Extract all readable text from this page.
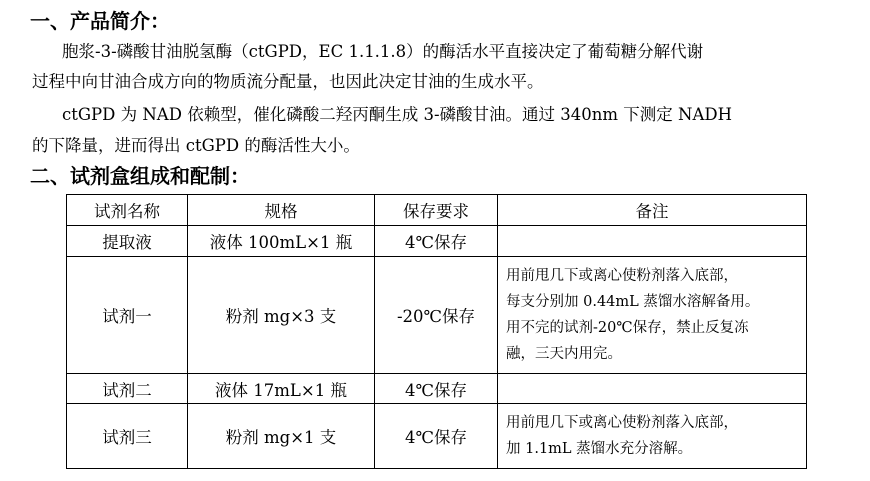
一、产品简介：
胞浆-3-磷酸甘油脱氢酶（ctGPD，EC 1.1.1.8）的酶活水平直接决定了葡萄糖分解代谢
过程中向甘油合成方向的物质流分配量，也因此决定甘油的生成水平。
ctGPD 为 NAD 依赖型，催化磷酸二羟丙酮生成 3-磷酸甘油。通过 340nm 下测定 NADH
的下降量，进而得出 ctGPD 的酶活性大小。
二、试剂盒组成和配制：
试剂名称	规格	保存要求	备注
提取液	液体 100mL×1 瓶	4℃保存	
试剂一	粉剂 mg×3 支	-20℃保存	用前甩几下或离心使粉剂落入底部，
每支分别加 0.44mL 蒸馏水溶解备用。
用不完的试剂-20℃保存，禁止反复冻
融，三天内用完。

试剂二	液体 17mL×1 瓶	4℃保存	
试剂三	粉剂 mg×1 支	4℃保存	用前甩几下或离心使粉剂落入底部，
加 1.1mL 蒸馏水充分溶解。
